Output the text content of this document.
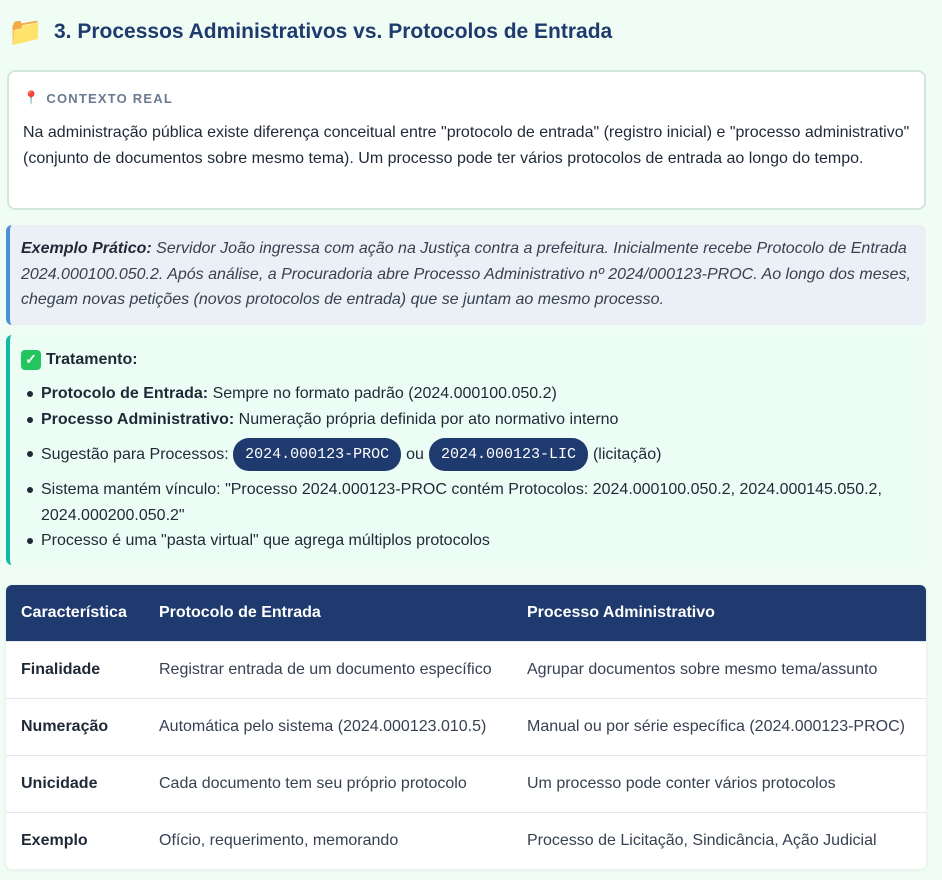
📁 3. Processos Administrativos vs. Protocolos de Entrada
📍 CONTEXTO REAL

Na administração pública existe diferença conceitual entre "protocolo de entrada" (registro inicial) e "processo administrativo" (conjunto de documentos sobre mesmo tema). Um processo pode ter vários protocolos de entrada ao longo do tempo.

Exemplo Prático: Servidor João ingressa com ação na Justiça contra a prefeitura. Inicialmente recebe Protocolo de Entrada 2024.000100.050.2. Após análise, a Procuradoria abre Processo Administrativo nº 2024/000123-PROC. Ao longo dos meses, chegam novas petições (novos protocolos de entrada) que se juntam ao mesmo processo.
✓ Tratamento:
Protocolo de Entrada: Sempre no formato padrão (2024.000100.050.2)
Processo Administrativo: Numeração própria definida por ato normativo interno
Sugestão para Processos: 2024.000123-PROC	ou	2024.000123-LIC	(licitação)
Sistema mantém vínculo: "Processo 2024.000123-PROC contém Protocolos: 2024.000100.050.2, 2024.000145.050.2, 2024.000200.050.2"
Processo é uma "pasta virtual" que agrega múltiplos protocolos
Característica	Protocolo de Entrada	Processo Administrativo
Finalidade	Registrar entrada de um documento específico	Agrupar documentos sobre mesmo tema/assunto
Numeração	Automática pelo sistema (2024.000123.010.5)	Manual ou por série específica (2024.000123-PROC)
Unicidade	Cada documento tem seu próprio protocolo	Um processo pode conter vários protocolos
Exemplo	Ofício, requerimento, memorando	Processo de Licitação, Sindicância, Ação Judicial
